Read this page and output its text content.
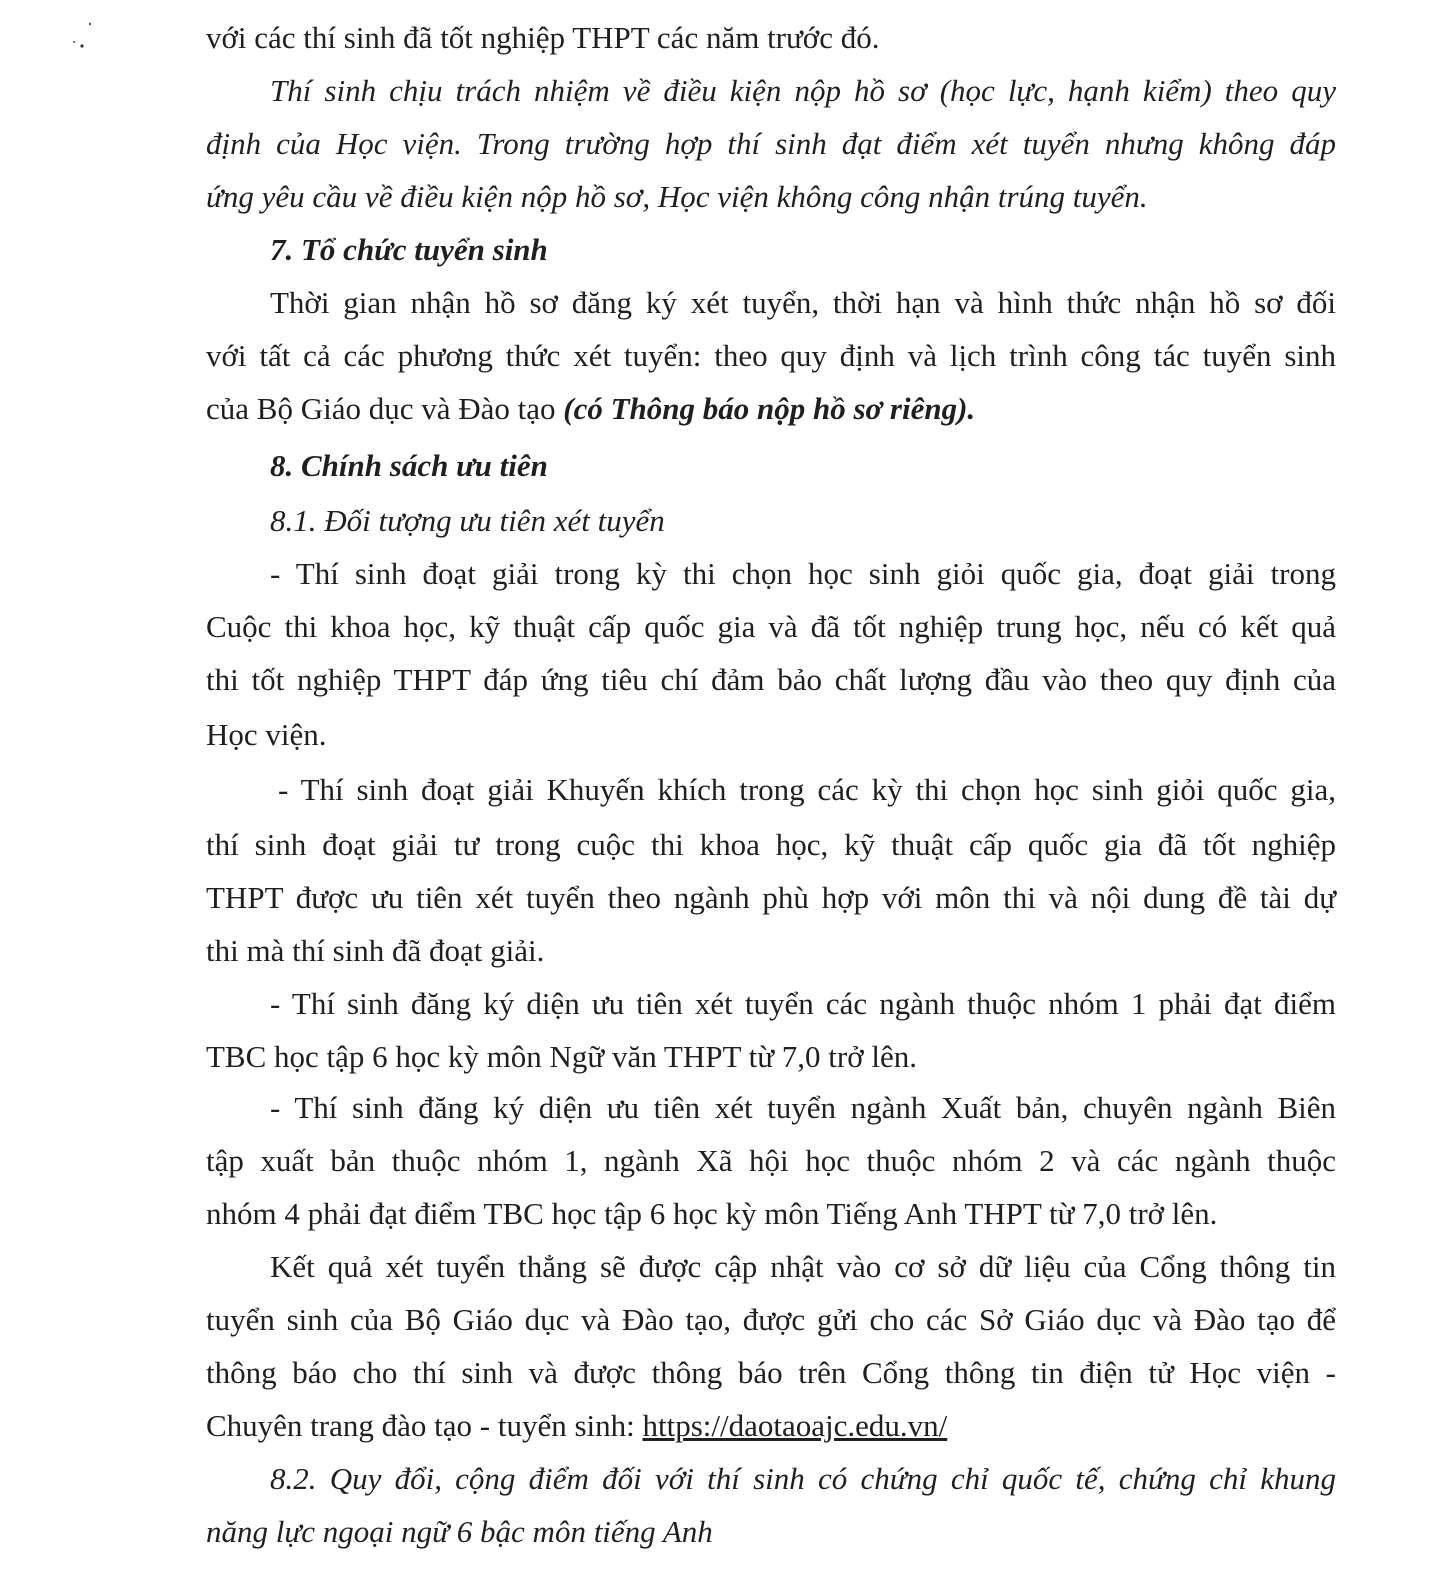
với các thí sinh đã tốt nghiệp THPT các năm trước đó.
Thí sinh chịu trách nhiệm về điều kiện nộp hồ sơ (học lực, hạnh kiểm) theo quy
định của Học viện. Trong trường hợp thí sinh đạt điểm xét tuyển nhưng không đáp
ứng yêu cầu về điều kiện nộp hồ sơ, Học viện không công nhận trúng tuyển.
7. Tổ chức tuyển sinh
Thời gian nhận hồ sơ đăng ký xét tuyển, thời hạn và hình thức nhận hồ sơ đối
với tất cả các phương thức xét tuyển: theo quy định và lịch trình công tác tuyển sinh
của Bộ Giáo dục và Đào tạo (có Thông báo nộp hồ sơ riêng).
8. Chính sách ưu tiên
8.1. Đối tượng ưu tiên xét tuyển
- Thí sinh đoạt giải trong kỳ thi chọn học sinh giỏi quốc gia, đoạt giải trong
Cuộc thi khoa học, kỹ thuật cấp quốc gia và đã tốt nghiệp trung học, nếu có kết quả
thi tốt nghiệp THPT đáp ứng tiêu chí đảm bảo chất lượng đầu vào theo quy định của
Học viện.
- Thí sinh đoạt giải Khuyến khích trong các kỳ thi chọn học sinh giỏi quốc gia,
thí sinh đoạt giải tư trong cuộc thi khoa học, kỹ thuật cấp quốc gia đã tốt nghiệp
THPT được ưu tiên xét tuyển theo ngành phù hợp với môn thi và nội dung đề tài dự
thi mà thí sinh đã đoạt giải.
- Thí sinh đăng ký diện ưu tiên xét tuyển các ngành thuộc nhóm 1 phải đạt điểm
TBC học tập 6 học kỳ môn Ngữ văn THPT từ 7,0 trở lên.
- Thí sinh đăng ký diện ưu tiên xét tuyển ngành Xuất bản, chuyên ngành Biên
tập xuất bản thuộc nhóm 1, ngành Xã hội học thuộc nhóm 2 và các ngành thuộc
nhóm 4 phải đạt điểm TBC học tập 6 học kỳ môn Tiếng Anh THPT từ 7,0 trở lên.
Kết quả xét tuyển thẳng sẽ được cập nhật vào cơ sở dữ liệu của Cổng thông tin
tuyển sinh của Bộ Giáo dục và Đào tạo, được gửi cho các Sở Giáo dục và Đào tạo để
thông báo cho thí sinh và được thông báo trên Cổng thông tin điện tử Học viện -
Chuyên trang đào tạo - tuyển sinh: https://daotaoajc.edu.vn/
8.2. Quy đổi, cộng điểm đối với thí sinh có chứng chỉ quốc tế, chứng chỉ khung
năng lực ngoại ngữ 6 bậc môn tiếng Anh
